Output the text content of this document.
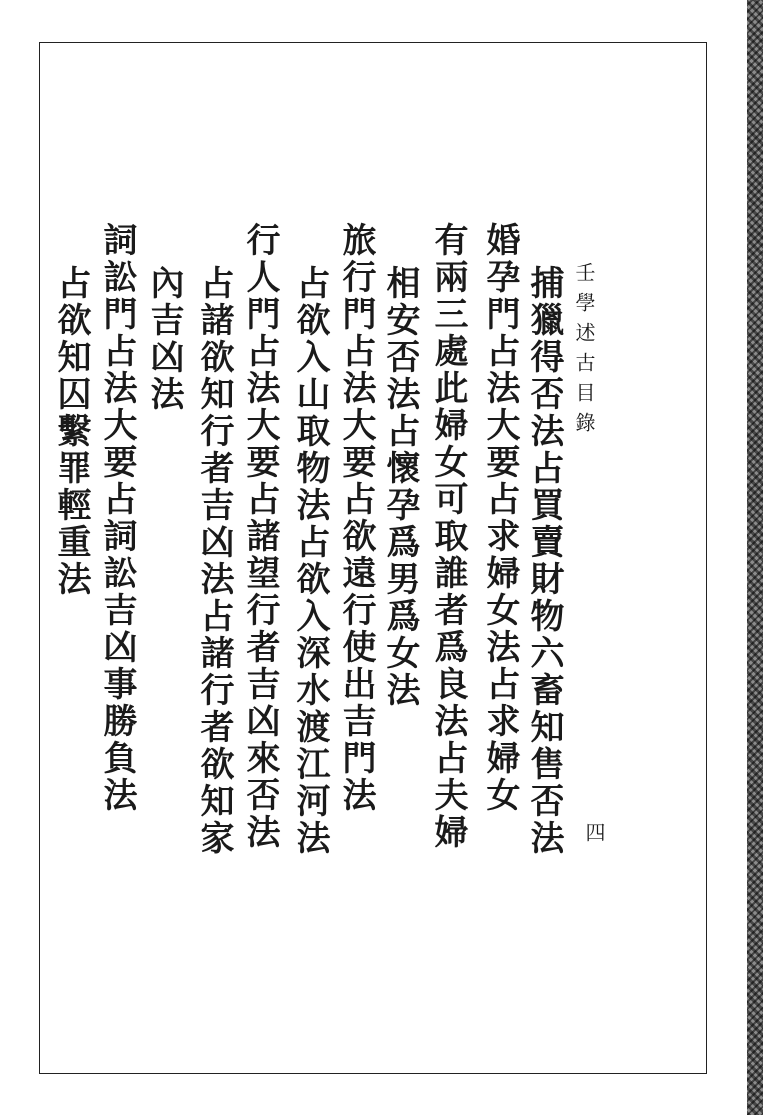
壬學述古目錄
四
捕獵得否法占買賣財物六畜知售否法
婚孕門占法大要占求婦女法占求婦女
有兩三處此婦女可取誰者爲良法占夫婦
相安否法占懷孕爲男爲女法
旅行門占法大要占欲遠行使出吉門法
占欲入山取物法占欲入深水渡江河法
行人門占法大要占諸望行者吉凶來否法
占諸欲知行者吉凶法占諸行者欲知家
內吉凶法
詞訟門占法大要占詞訟吉凶事勝負法
占欲知囚繫罪輕重法
